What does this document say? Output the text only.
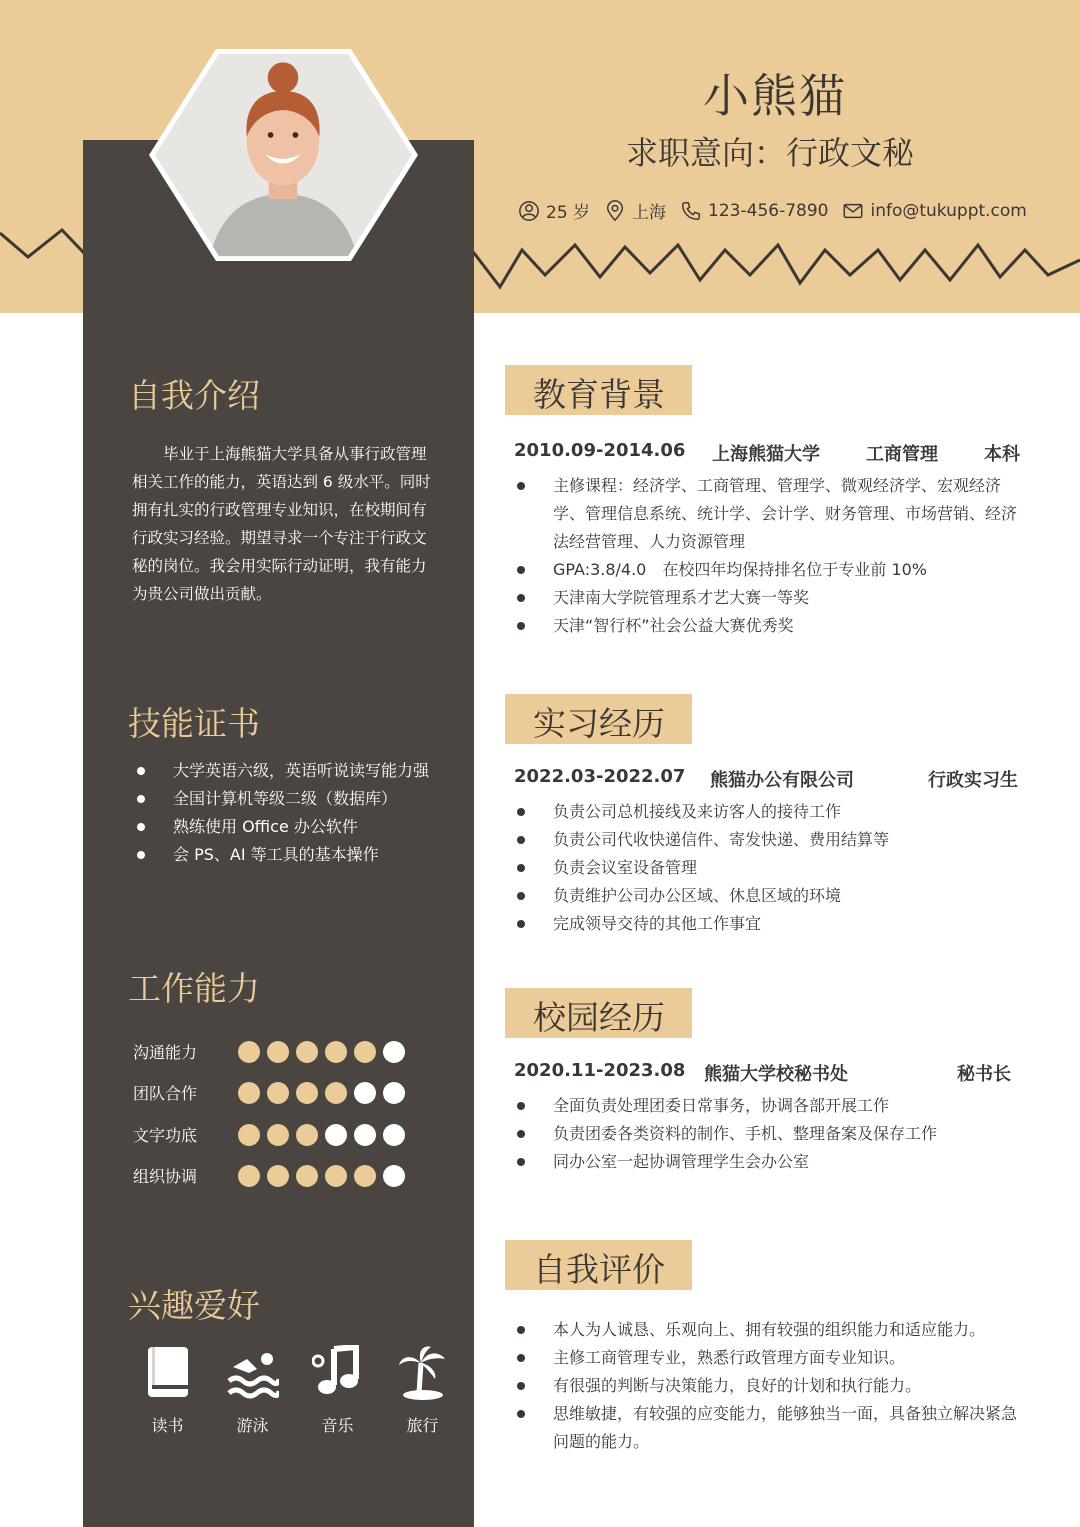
小熊猫
求职意向：行政文秘
25 岁 上海 123-456-7890 info@tukuppt.com
自我介绍
毕业于上海熊猫大学具备从事行政管理相关工作的能力，英语达到 6 级水平。同时拥有扎实的行政管理专业知识，在校期间有行政实习经验。期望寻求一个专注于行政文秘的岗位。我会用实际行动证明，我有能力为贵公司做出贡献。
技能证书
大学英语六级，英语听说读写能力强
全国计算机等级二级（数据库）
熟练使用 Office 办公软件
会 PS、AI 等工具的基本操作
工作能力
沟通能力
团队合作
文字功底
组织协调
兴趣爱好
读书	游泳	音乐	旅行
教育背景
2010.09-2014.06 上海熊猫大学	工商管理	本科
主修课程：经济学、工商管理、管理学、微观经济学、宏观经济学、管理信息系统、统计学、会计学、财务管理、市场营销、经济法经营管理、人力资源管理
GPA:3.8/4.0　在校四年均保持排名位于专业前 10%
天津南大学院管理系才艺大赛一等奖
天津“智行杯”社会公益大赛优秀奖
实习经历
2022.03-2022.07 熊猫办公有限公司	行政实习生
负责公司总机接线及来访客人的接待工作
负责公司代收快递信件、寄发快递、费用结算等
负责会议室设备管理
负责维护公司办公区域、休息区域的环境
完成领导交待的其他工作事宜
校园经历
2020.11-2023.08 熊猫大学校秘书处	秘书长
全面负责处理团委日常事务，协调各部开展工作
负责团委各类资料的制作、手机、整理备案及保存工作
同办公室一起协调管理学生会办公室
自我评价
本人为人诚恳、乐观向上、拥有较强的组织能力和适应能力。
主修工商管理专业，熟悉行政管理方面专业知识。
有很强的判断与决策能力，良好的计划和执行能力。
思维敏捷，有较强的应变能力，能够独当一面，具备独立解决紧急问题的能力。
